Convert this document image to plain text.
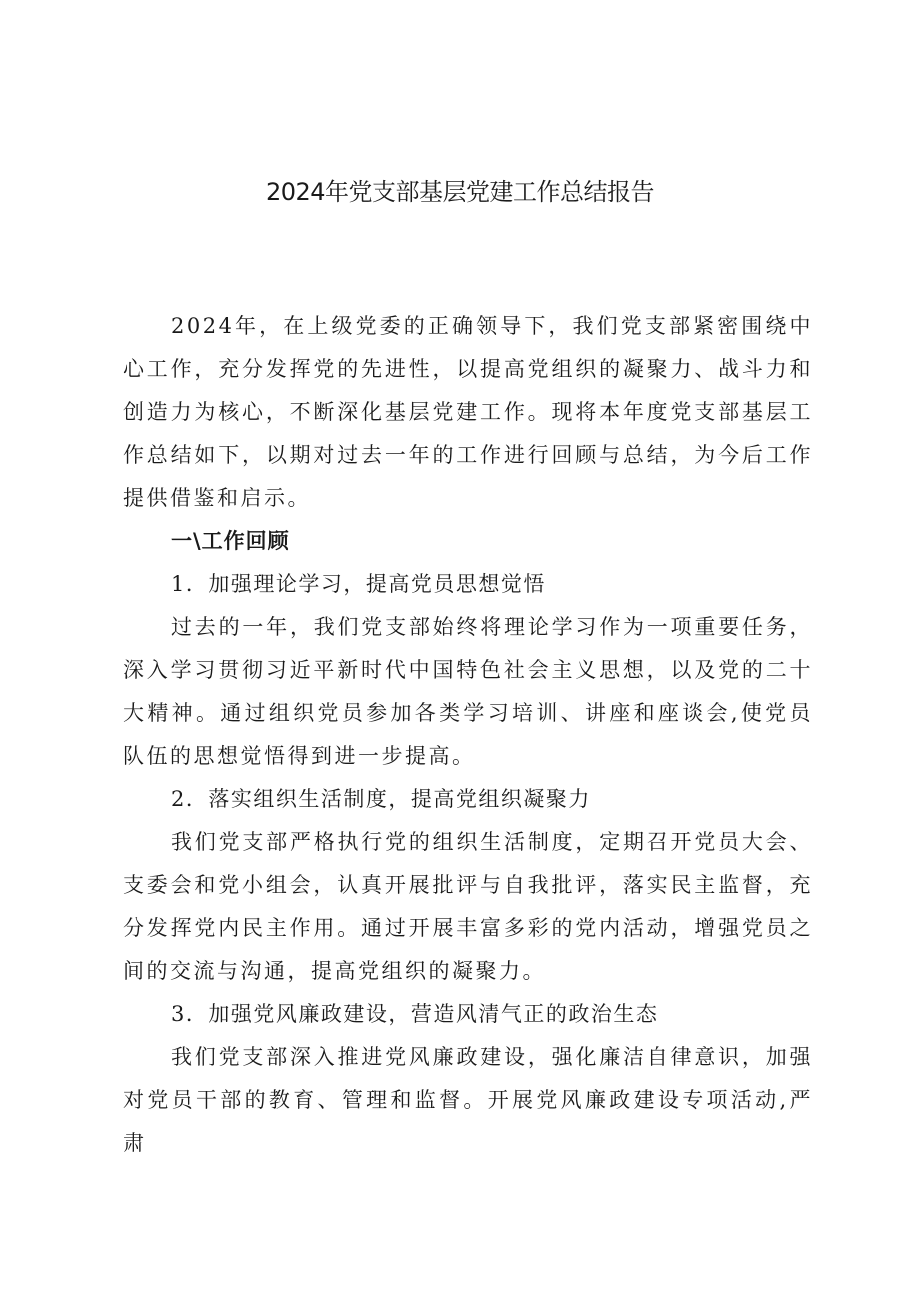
2024年党支部基层党建工作总结报告

2024年，在上级党委的正确领导下，我们党支部紧密围绕中心工作，充分发挥党的先进性，以提高党组织的凝聚力、战斗力和创造力为核心，不断深化基层党建工作。现将本年度党支部基层工作总结如下，以期对过去一年的工作进行回顾与总结，为今后工作提供借鉴和启示。

一\工作回顾

1．加强理论学习，提高党员思想觉悟

过去的一年，我们党支部始终将理论学习作为一项重要任务，深入学习贯彻习近平新时代中国特色社会主义思想，以及党的二十大精神。通过组织党员参加各类学习培训、讲座和座谈会,使党员队伍的思想觉悟得到进一步提高。

2．落实组织生活制度，提高党组织凝聚力

我们党支部严格执行党的组织生活制度，定期召开党员大会、支委会和党小组会，认真开展批评与自我批评，落实民主监督，充分发挥党内民主作用。通过开展丰富多彩的党内活动，增强党员之间的交流与沟通，提高党组织的凝聚力。

3．加强党风廉政建设，营造风清气正的政治生态

我们党支部深入推进党风廉政建设，强化廉洁自律意识，加强对党员干部的教育、管理和监督。开展党风廉政建设专项活动,严肃
